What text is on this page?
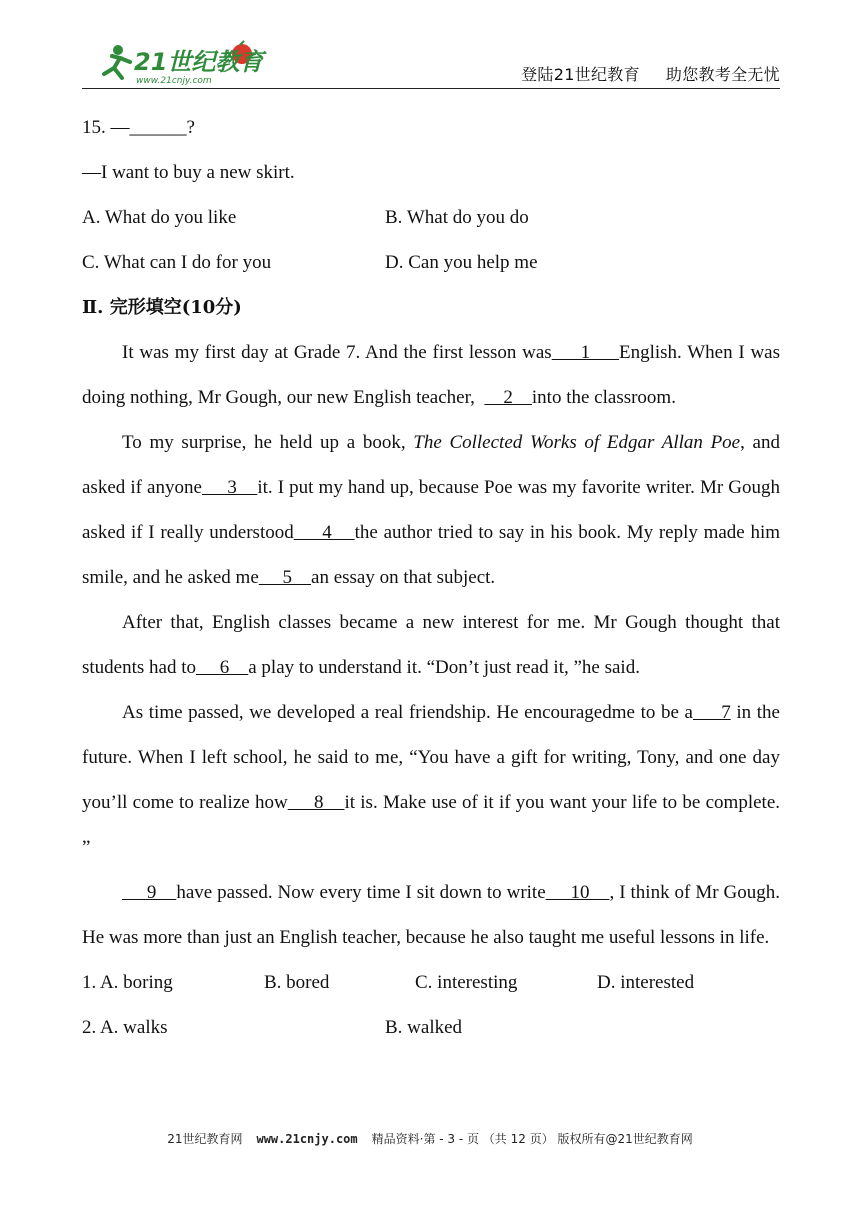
21世纪教育
www.21cnjy.com	登陆21世纪教育 助您教考全无忧
15. —______?
—I want to buy a new skirt.
A. What do you like	B. What do you do
C. What can I do for you	D. Can you help me
Ⅱ. 完形填空(10分)

It was my first day at Grade 7. And the first lesson was     1     English. When I was doing nothing, Mr Gough, our new English teacher,      2    into the classroom.

To my surprise, he held up a book, The Collected Works of Edgar Allan Poe, and asked if anyone     3    it. I put my hand up, because Poe was my favorite writer. Mr Gough asked if I really understood     4    the author tried to say in his book. My reply made him smile, and he asked me     5    an essay on that subject.

After that, English classes became a new interest for me. Mr Gough thought that students had to     6    a play to understand it. “Don’t just read it, ”he said.

As time passed, we developed a real friendship. He encouragedme to be a     7 in the future. When I left school, he said to me, “You have a gift for writing, Tony, and one day you’ll come to realize how     8    it is. Make use of it if you want your life to be complete. ”

9    have passed. Now every time I sit down to write     10    , I think of Mr Gough. He was more than just an English teacher, because he also taught me useful lessons in life.

1. A. boring	B. bored	C. interesting	D. interested
2. A. walks	B. walked
21世纪教育网 www.21cnjy.com 精品资料·第 - 3 - 页 （共 12 页） 版权所有@21世纪教育网
